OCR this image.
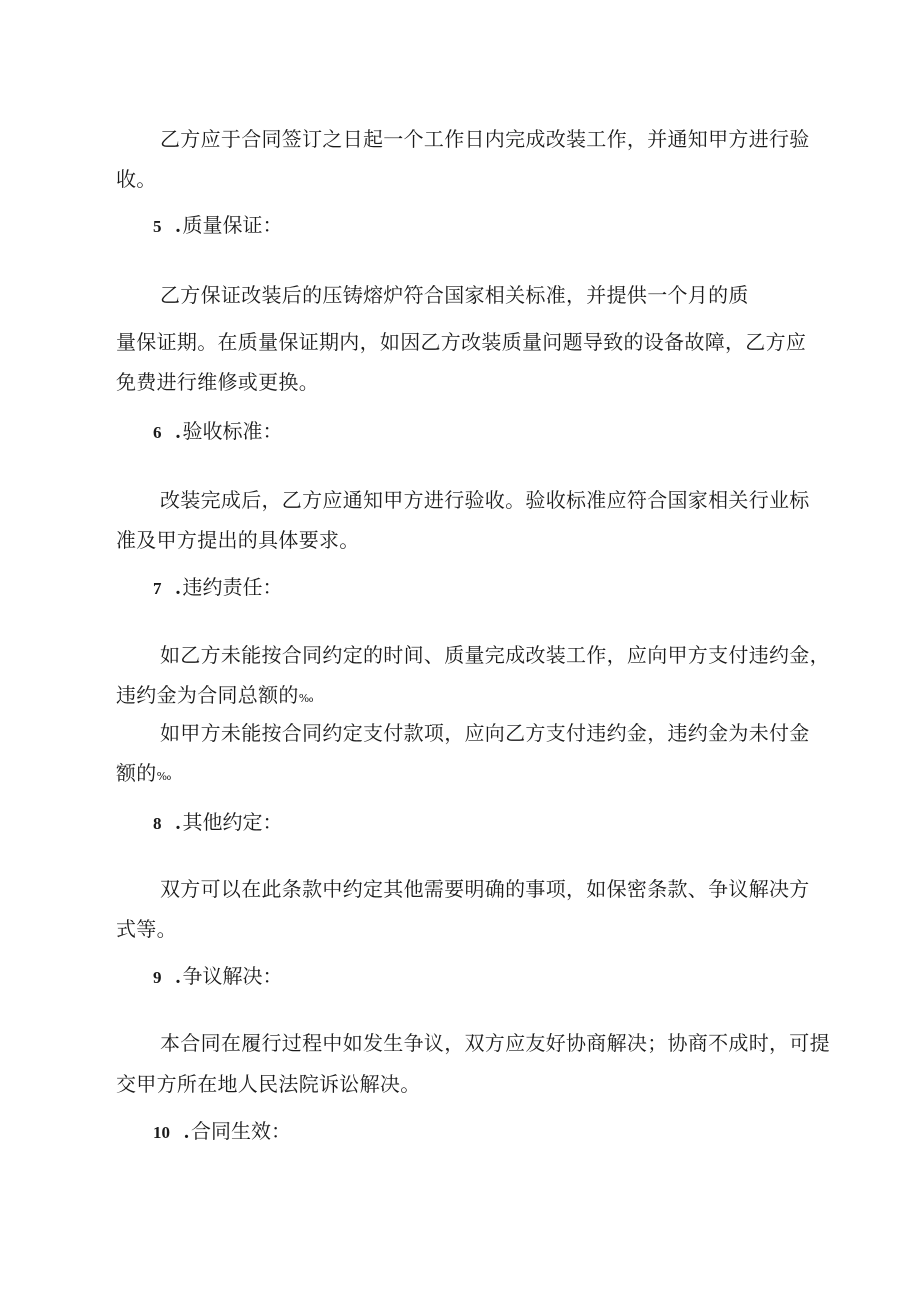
乙方应于合同签订之日起一个工作日内完成改装工作，并通知甲方进行验
收。
5 . 质量保证：
乙方保证改装后的压铸熔炉符合国家相关标准，并提供一个月的质
量保证期。在质量保证期内，如因乙方改装质量问题导致的设备故障，乙方应
免费进行维修或更换。
6 . 验收标准：
改装完成后，乙方应通知甲方进行验收。验收标准应符合国家相关行业标
准及甲方提出的具体要求。
7 . 违约责任：
如乙方未能按合同约定的时间、质量完成改装工作，应向甲方支付违约金，
违约金为合同总额的‰
如甲方未能按合同约定支付款项，应向乙方支付违约金，违约金为未付金
额的‰
8 . 其他约定：
双方可以在此条款中约定其他需要明确的事项，如保密条款、争议解决方
式等。
9 . 争议解决：
本合同在履行过程中如发生争议，双方应友好协商解决；协商不成时，可提
交甲方所在地人民法院诉讼解决。
10 . 合同生效：
